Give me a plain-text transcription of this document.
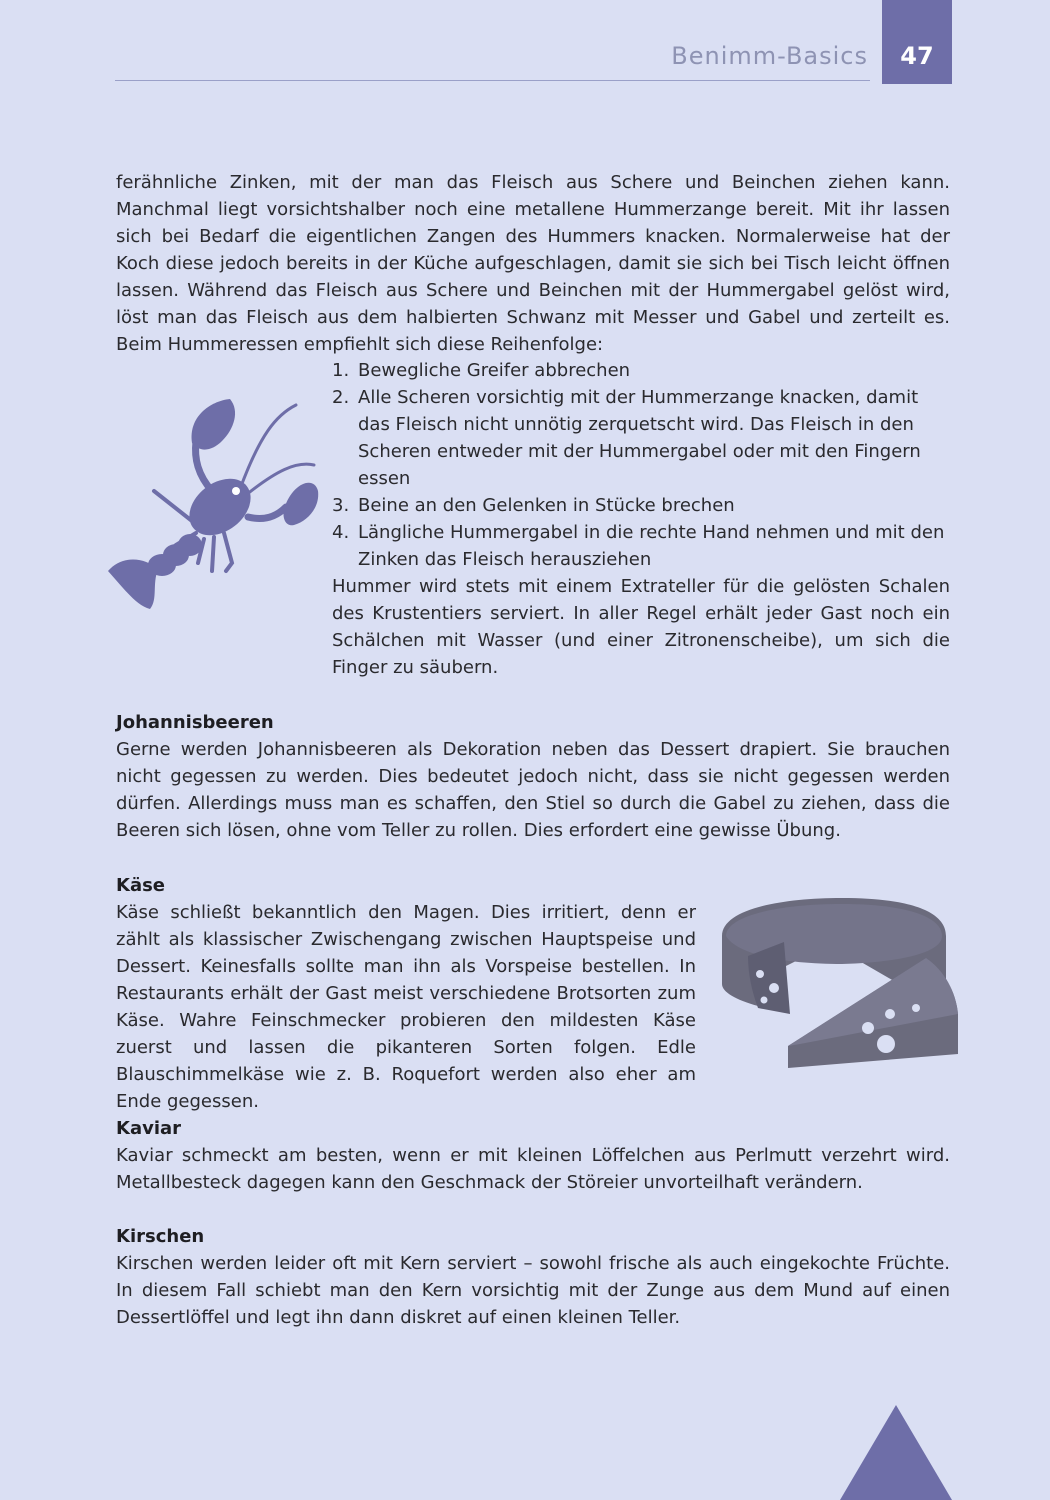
Benimm-Basics	47

ferähnliche Zinken, mit der man das Fleisch aus Schere und Beinchen ziehen kann. Manchmal liegt vorsichtshalber noch eine metallene Hummerzange bereit. Mit ihr lassen sich bei Bedarf die eigentlichen Zangen des Hummers knacken. Normalerweise hat der Koch diese jedoch bereits in der Küche aufgeschlagen, damit sie sich bei Tisch leicht öffnen lassen. Während das Fleisch aus Schere und Beinchen mit der Hummergabel gelöst wird, löst man das Fleisch aus dem halbierten Schwanz mit Messer und Gabel und zerteilt es. Beim Hummeressen empfiehlt sich diese Reihenfolge:

1. Bewegliche Greifer abbrechen
2. Alle Scheren vorsichtig mit der Hummerzange knacken, damit das Fleisch nicht unnötig zerquetscht wird. Das Fleisch in den Scheren entweder mit der Hummergabel oder mit den Fingern essen
3. Beine an den Gelenken in Stücke brechen
4. Längliche Hummergabel in die rechte Hand nehmen und mit den Zinken das Fleisch herausziehen

Hummer wird stets mit einem Extrateller für die gelösten Schalen des Krustentiers serviert. In aller Regel erhält jeder Gast noch ein Schälchen mit Wasser (und einer Zitronenscheibe), um sich die Finger zu säubern.

Johannisbeeren

Gerne werden Johannisbeeren als Dekoration neben das Dessert drapiert. Sie brauchen nicht gegessen zu werden. Dies bedeutet jedoch nicht, dass sie nicht gegessen werden dürfen. Allerdings muss man es schaffen, den Stiel so durch die Gabel zu ziehen, dass die Beeren sich lösen, ohne vom Teller zu rollen. Dies erfordert eine gewisse Übung.

Käse

Käse schließt bekanntlich den Magen. Dies irritiert, denn er zählt als klassischer Zwischengang zwischen Hauptspeise und Dessert. Keinesfalls sollte man ihn als Vorspeise bestellen. In Restaurants erhält der Gast meist verschiedene Brotsorten zum Käse. Wahre Feinschmecker probieren den mildesten Käse zuerst und lassen die pikanteren Sorten folgen. Edle Blauschimmelkäse wie z. B. Roquefort werden also eher am Ende gegessen.

Kaviar

Kaviar schmeckt am besten, wenn er mit kleinen Löffelchen aus Perlmutt verzehrt wird. Metallbesteck dagegen kann den Geschmack der Störeier unvorteilhaft verändern.

Kirschen

Kirschen werden leider oft mit Kern serviert – sowohl frische als auch eingekochte Früchte. In diesem Fall schiebt man den Kern vorsichtig mit der Zunge aus dem Mund auf einen Dessertlöffel und legt ihn dann diskret auf einen kleinen Teller.
